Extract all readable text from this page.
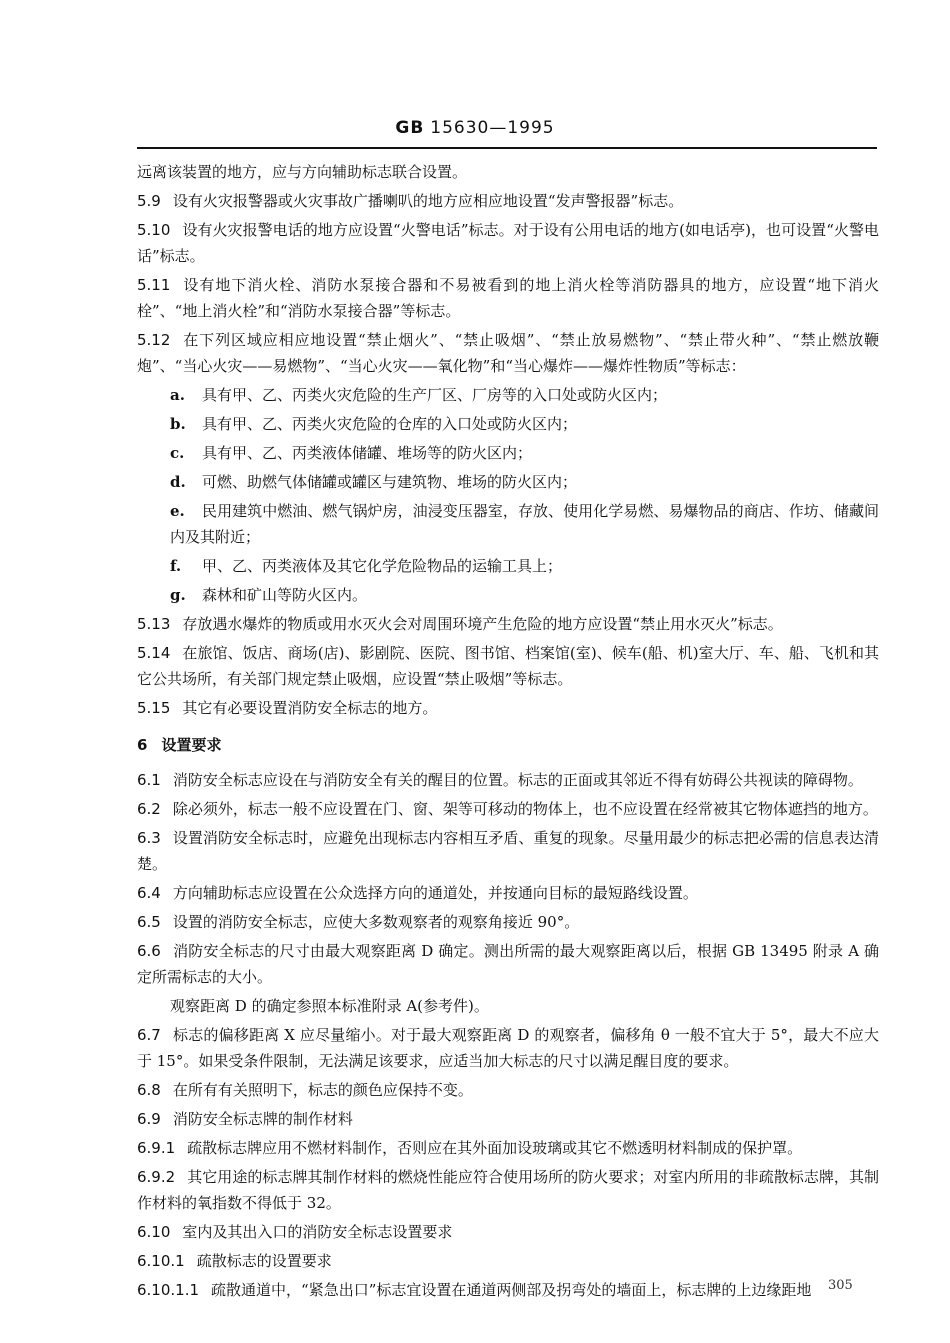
GB 15630—1995
远离该装置的地方，应与方向辅助标志联合设置。
5.9 设有火灾报警器或火灾事故广播喇叭的地方应相应地设置“发声警报器”标志。
5.10 设有火灾报警电话的地方应设置“火警电话”标志。对于设有公用电话的地方(如电话亭)，也可设置“火警电话”标志。
5.11 设有地下消火栓、消防水泵接合器和不易被看到的地上消火栓等消防器具的地方，应设置“地下消火栓”、“地上消火栓”和“消防水泵接合器”等标志。
5.12 在下列区域应相应地设置“禁止烟火”、“禁止吸烟”、“禁止放易燃物”、“禁止带火种”、“禁止燃放鞭炮”、“当心火灾——易燃物”、“当心火灾——氧化物”和“当心爆炸——爆炸性物质”等标志：
a. 具有甲、乙、丙类火灾危险的生产厂区、厂房等的入口处或防火区内；
b. 具有甲、乙、丙类火灾危险的仓库的入口处或防火区内；
c. 具有甲、乙、丙类液体储罐、堆场等的防火区内；
d. 可燃、助燃气体储罐或罐区与建筑物、堆场的防火区内；
e. 民用建筑中燃油、燃气锅炉房，油浸变压器室，存放、使用化学易燃、易爆物品的商店、作坊、储藏间内及其附近；
f. 甲、乙、丙类液体及其它化学危险物品的运输工具上；
g. 森林和矿山等防火区内。
5.13 存放遇水爆炸的物质或用水灭火会对周围环境产生危险的地方应设置“禁止用水灭火”标志。
5.14 在旅馆、饭店、商场(店)、影剧院、医院、图书馆、档案馆(室)、候车(船、机)室大厅、车、船、飞机和其它公共场所，有关部门规定禁止吸烟，应设置“禁止吸烟”等标志。
5.15 其它有必要设置消防安全标志的地方。
6 设置要求
6.1 消防安全标志应设在与消防安全有关的醒目的位置。标志的正面或其邻近不得有妨碍公共视读的障碍物。
6.2 除必须外，标志一般不应设置在门、窗、架等可移动的物体上，也不应设置在经常被其它物体遮挡的地方。
6.3 设置消防安全标志时，应避免出现标志内容相互矛盾、重复的现象。尽量用最少的标志把必需的信息表达清楚。
6.4 方向辅助标志应设置在公众选择方向的通道处，并按通向目标的最短路线设置。
6.5 设置的消防安全标志，应使大多数观察者的观察角接近 90°。
6.6 消防安全标志的尺寸由最大观察距离 D 确定。测出所需的最大观察距离以后，根据 GB 13495 附录 A 确定所需标志的大小。
观察距离 D 的确定参照本标准附录 A(参考件)。
6.7 标志的偏移距离 X 应尽量缩小。对于最大观察距离 D 的观察者，偏移角 θ 一般不宜大于 5°，最大不应大于 15°。如果受条件限制，无法满足该要求，应适当加大标志的尺寸以满足醒目度的要求。
6.8 在所有有关照明下，标志的颜色应保持不变。
6.9 消防安全标志牌的制作材料
6.9.1 疏散标志牌应用不燃材料制作，否则应在其外面加设玻璃或其它不燃透明材料制成的保护罩。
6.9.2 其它用途的标志牌其制作材料的燃烧性能应符合使用场所的防火要求；对室内所用的非疏散标志牌，其制作材料的氧指数不得低于 32。
6.10 室内及其出入口的消防安全标志设置要求
6.10.1 疏散标志的设置要求
6.10.1.1 疏散通道中，“紧急出口”标志宜设置在通道两侧部及拐弯处的墙面上，标志牌的上边缘距地	305
